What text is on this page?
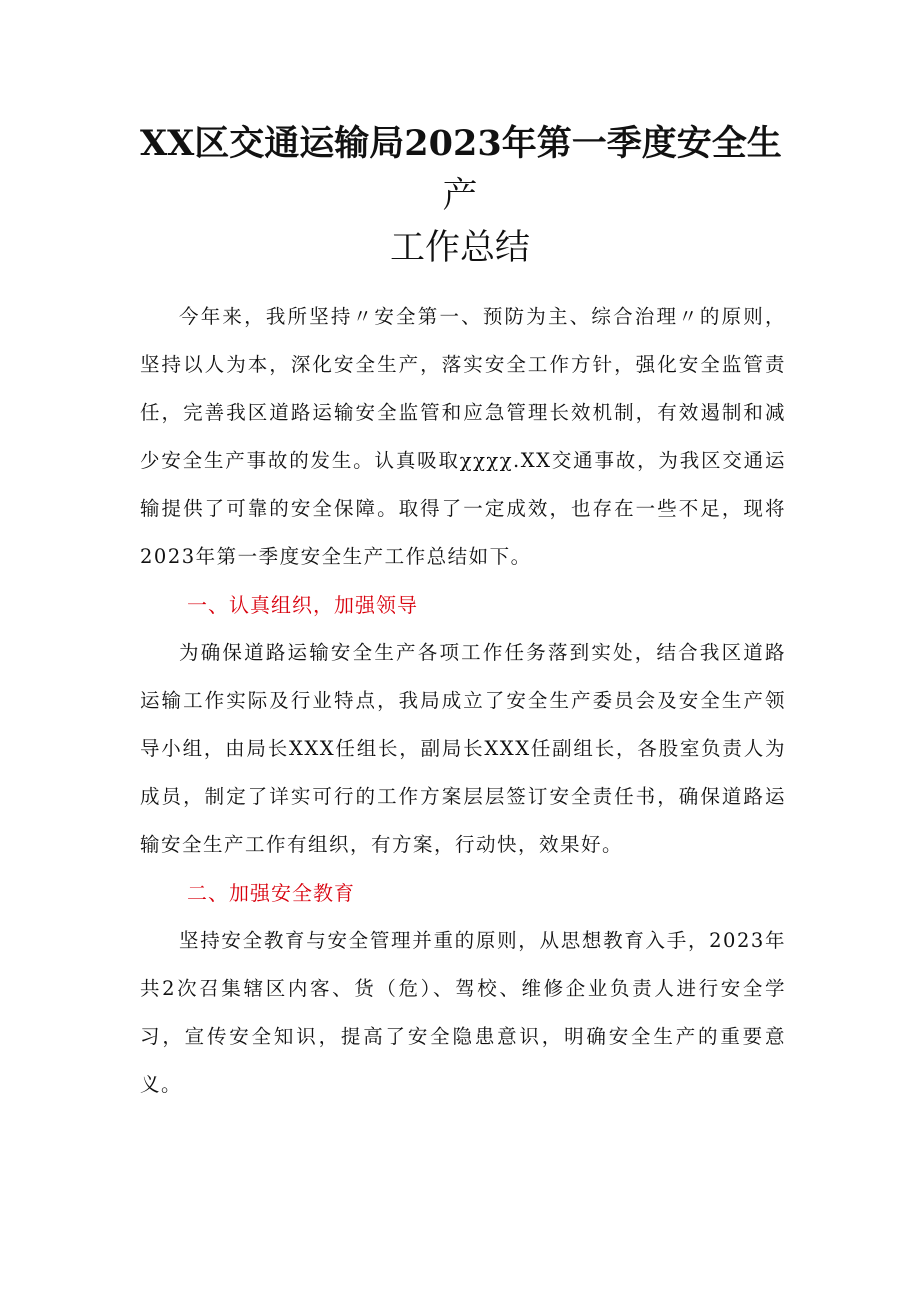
XX区交通运输局2023年第一季度安全生

产

工作总结

今年来，我所坚持〃安全第一、预防为主、综合治理〃的原则，坚持以人为本，深化安全生产，落实安全工作方针，强化安全监管责任，完善我区道路运输安全监管和应急管理长效机制，有效遏制和减少安全生产事故的发生。认真吸取χχχχ.XX交通事故，为我区交通运输提供了可靠的安全保障。取得了一定成效，也存在一些不足，现将2023年第一季度安全生产工作总结如下。

一、认真组织，加强领导

为确保道路运输安全生产各项工作任务落到实处，结合我区道路运输工作实际及行业特点，我局成立了安全生产委员会及安全生产领导小组，由局长XXX任组长，副局长XXX任副组长，各股室负责人为成员，制定了详实可行的工作方案层层签订安全责任书，确保道路运输安全生产工作有组织，有方案，行动快，效果好。

二、加强安全教育

坚持安全教育与安全管理并重的原则，从思想教育入手，2023年共2次召集辖区内客、货（危）、驾校、维修企业负责人进行安全学习，宣传安全知识，提高了安全隐患意识，明确安全生产的重要意义。
